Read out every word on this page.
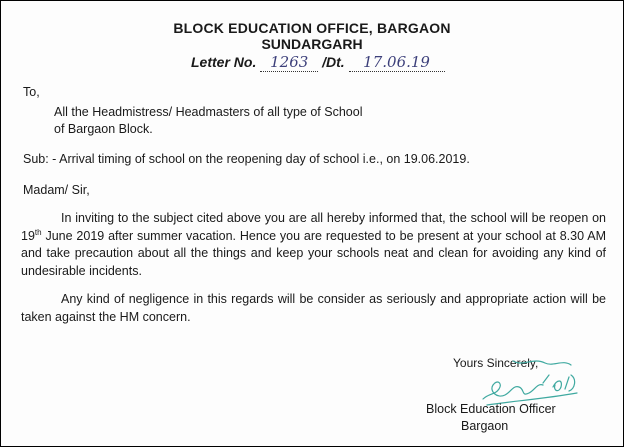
BLOCK EDUCATION OFFICE, BARGAON
SUNDARGARH
Letter No. 1263 /Dt. 17.06.19
To,
All the Headmistress/ Headmasters of all type of School
of Bargaon Block.
Sub: - Arrival timing of school on the reopening day of school i.e., on 19.06.2019.
Madam/ Sir,
In inviting to the subject cited above you are all hereby informed that, the school will be reopen on 19th June 2019 after summer vacation. Hence you are requested to be present at your school at 8.30 AM and take precaution about all the things and keep your schools neat and clean for avoiding any kind of undesirable incidents.
Any kind of negligence in this regards will be consider as seriously and appropriate action will be taken against the HM concern.
Yours Sincerely,
Block Education Officer
Bargaon
